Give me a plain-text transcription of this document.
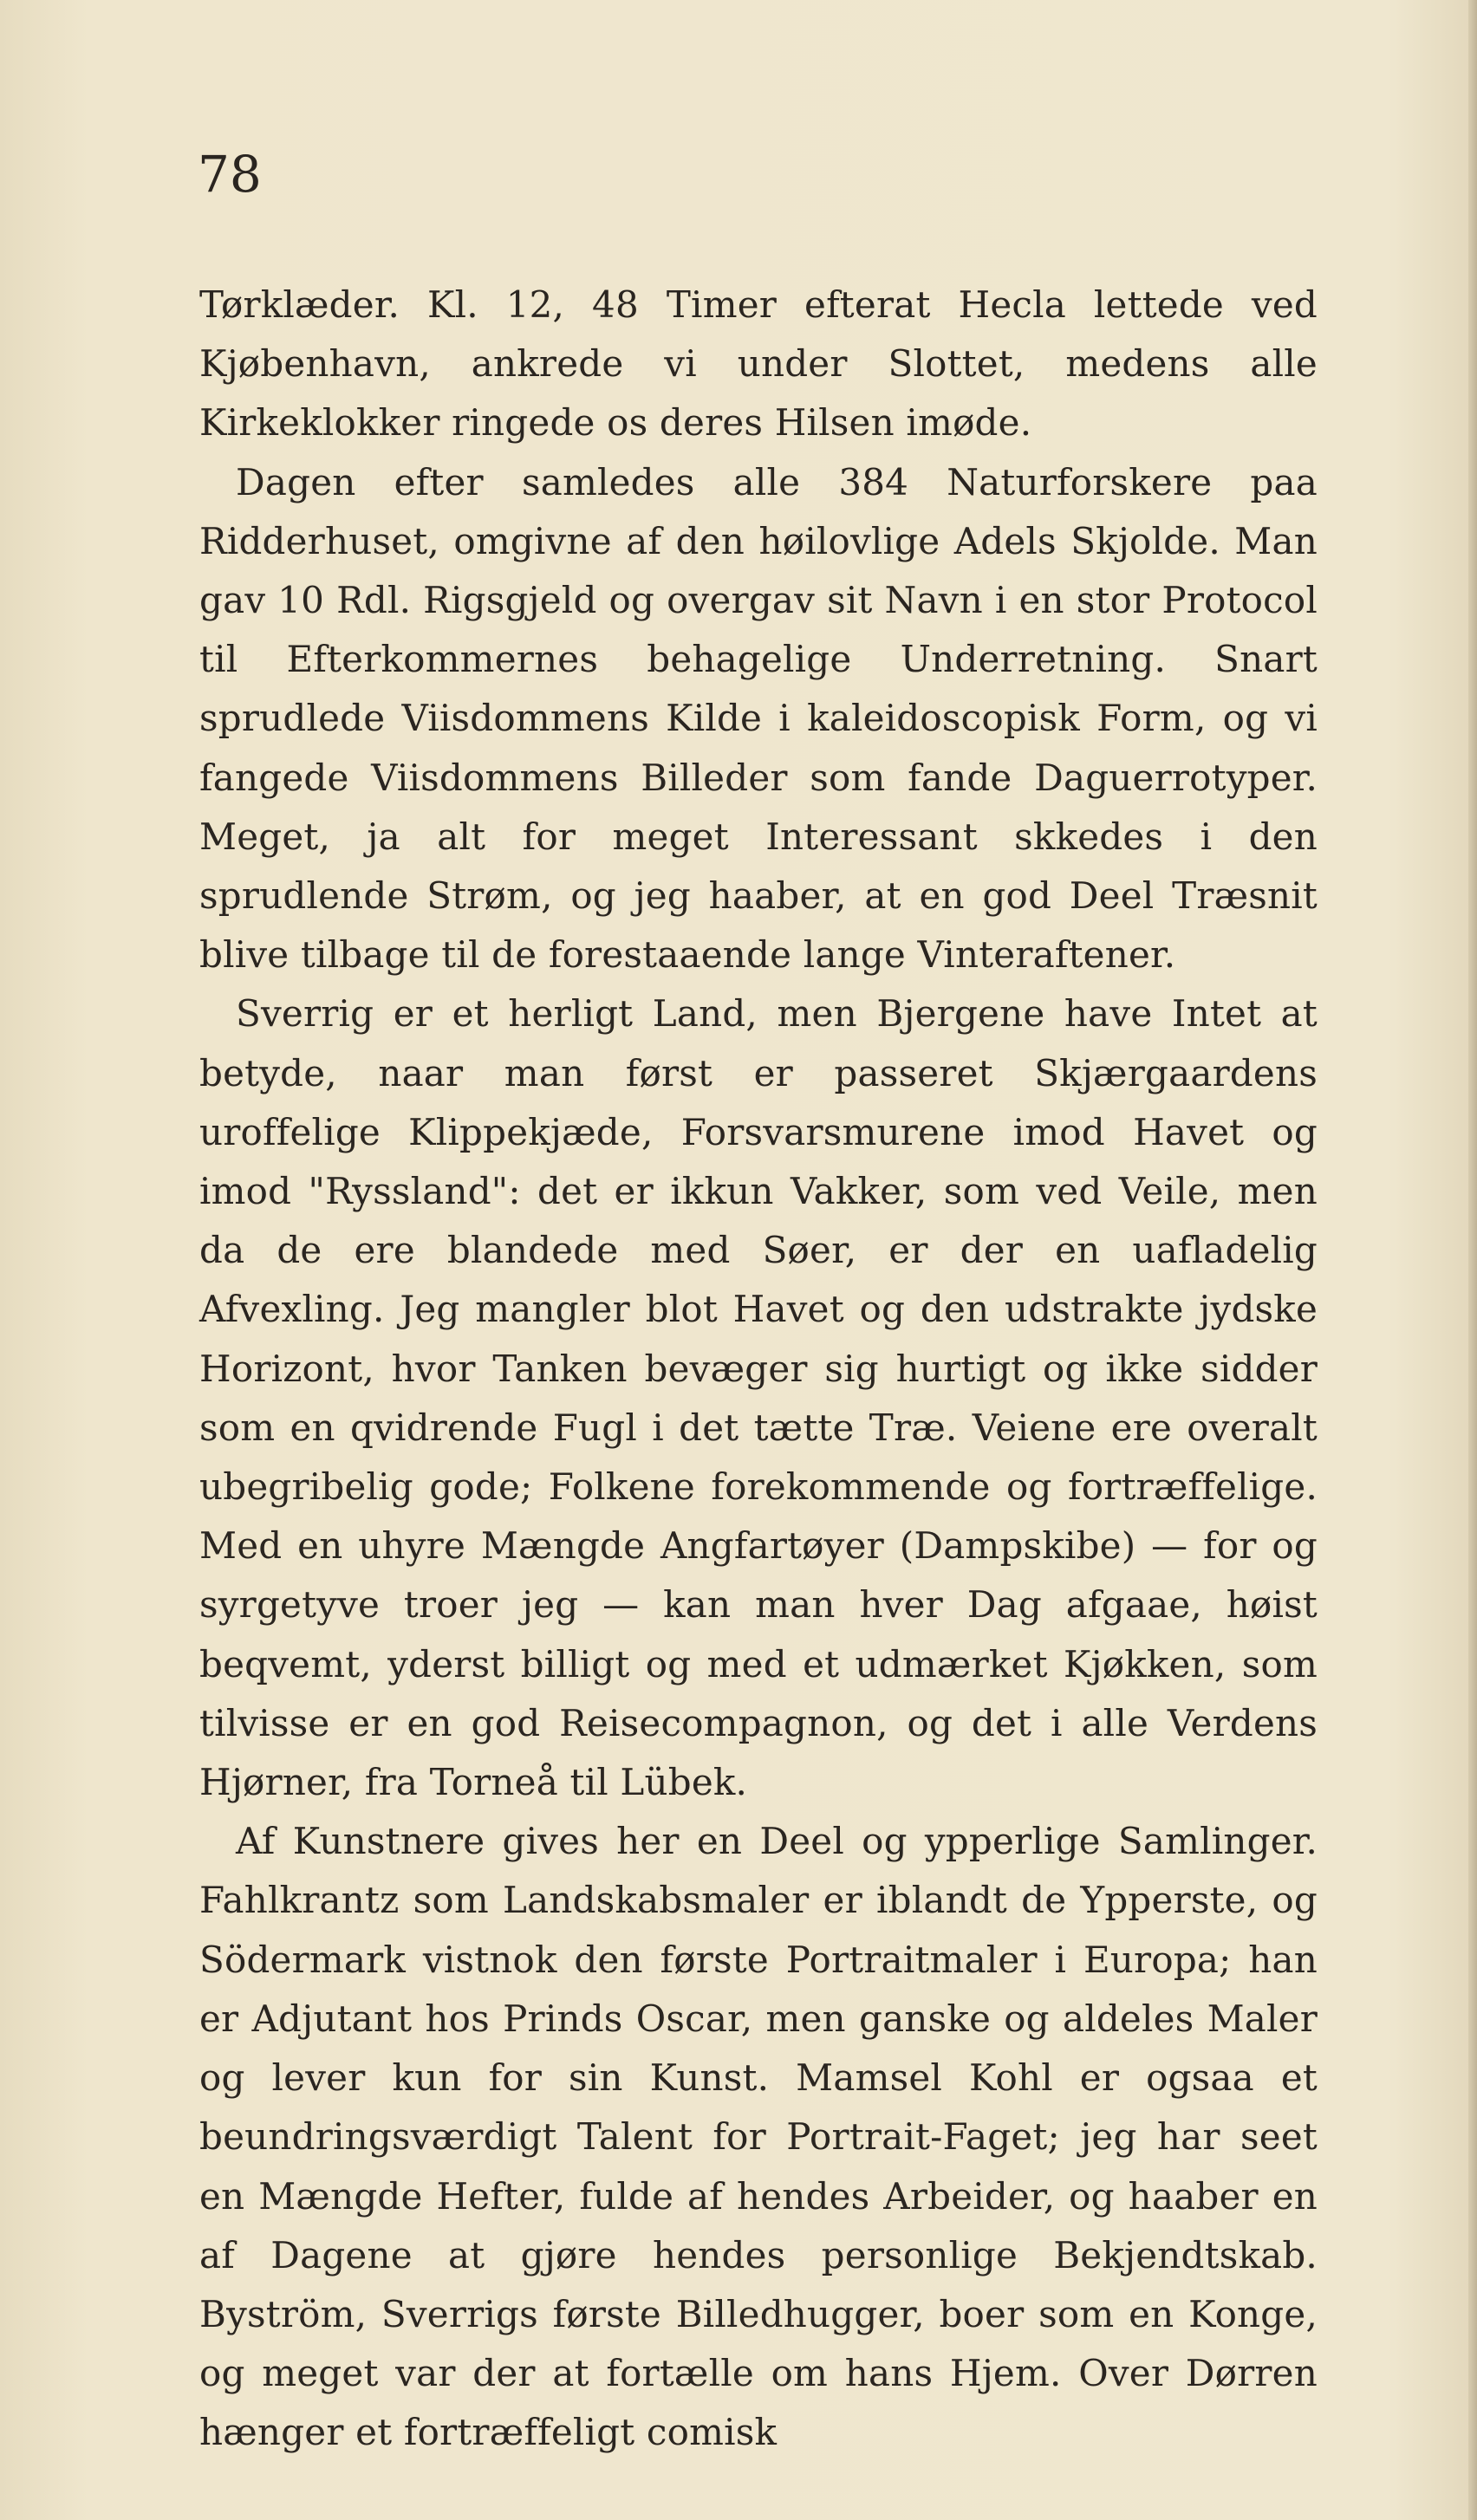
78

Tørklæder. Kl. 12, 48 Timer efterat Hecla lettede ved Kjøbenhavn, ankrede vi under Slottet, medens alle Kirkeklokker ringede os deres Hilsen imøde.

Dagen efter samledes alle 384 Naturforskere paa Ridderhuset, omgivne af den høilovlige Adels Skjolde. Man gav 10 Rdl. Rigsgjeld og overgav sit Navn i en stor Protocol til Efterkommernes behagelige Underretning. Snart sprudlede Viisdommens Kilde i kaleidoscopisk Form, og vi fangede Viisdommens Billeder som fande Daguerrotyper. Meget, ja alt for meget Interessant skkedes i den sprudlende Strøm, og jeg haaber, at en god Deel Træsnit blive tilbage til de forestaaende lange Vinteraftener.

Sverrig er et herligt Land, men Bjergene have Intet at betyde, naar man først er passeret Skjærgaardens uroffelige Klippekjæde, Forsvarsmurene imod Havet og imod "Ryssland": det er ikkun Vakker, som ved Veile, men da de ere blandede med Søer, er der en uafladelig Afvexling. Jeg mangler blot Havet og den udstrakte jydske Horizont, hvor Tanken bevæger sig hurtigt og ikke sidder som en qvidrende Fugl i det tætte Træ. Veiene ere overalt ubegribelig gode; Folkene forekommende og fortræffelige. Med en uhyre Mængde Angfartøyer (Dampskibe) — for og syrgetyve troer jeg — kan man hver Dag afgaae, høist beqvemt, yderst billigt og med et udmærket Kjøkken, som tilvisse er en god Reisecompagnon, og det i alle Verdens Hjørner, fra Torneå til Lübek.

Af Kunstnere gives her en Deel og ypperlige Samlinger. Fahlkrantz som Landskabsmaler er iblandt de Ypperste, og Södermark vistnok den første Portraitmaler i Europa; han er Adjutant hos Prinds Oscar, men ganske og aldeles Maler og lever kun for sin Kunst. Mamsel Kohl er ogsaa et beundringsværdigt Talent for Portrait-Faget; jeg har seet en Mængde Hefter, fulde af hendes Arbeider, og haaber en af Dagene at gjøre hendes personlige Bekjendtskab. Byström, Sverrigs første Billedhugger, boer som en Konge, og meget var der at fortælle om hans Hjem. Over Dørren hænger et fortræffeligt comisk
